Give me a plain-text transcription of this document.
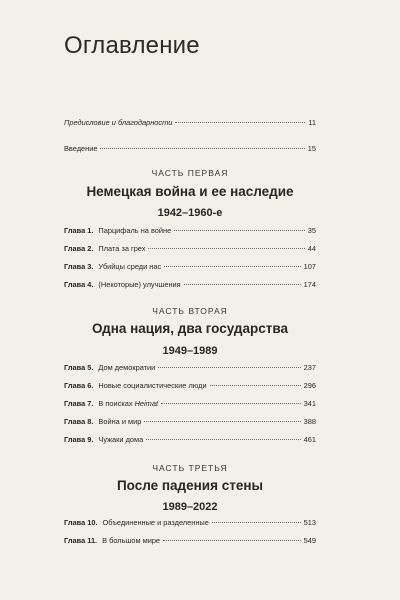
Оглавление
Предисловие и благодарности	11
Введение	15
ЧАСТЬ ПЕРВАЯ
Немецкая война и ее наследие
1942–1960-е
Глава 1. Парцифаль на войне	35
Глава 2. Плата за грех	44
Глава 3. Убийцы среди нас	107
Глава 4. (Некоторые) улучшения	174
ЧАСТЬ ВТОРАЯ
Одна нация, два государства
1949–1989
Глава 5. Дом демократии	237
Глава 6. Новые социалистические люди	296
Глава 7. В поисках Heimat	341
Глава 8. Война и мир	388
Глава 9. Чужаки дома	461
ЧАСТЬ ТРЕТЬЯ
После падения стены
1989–2022
Глава 10. Объединенные и разделенные	513
Глава 11. В большом мире	549
